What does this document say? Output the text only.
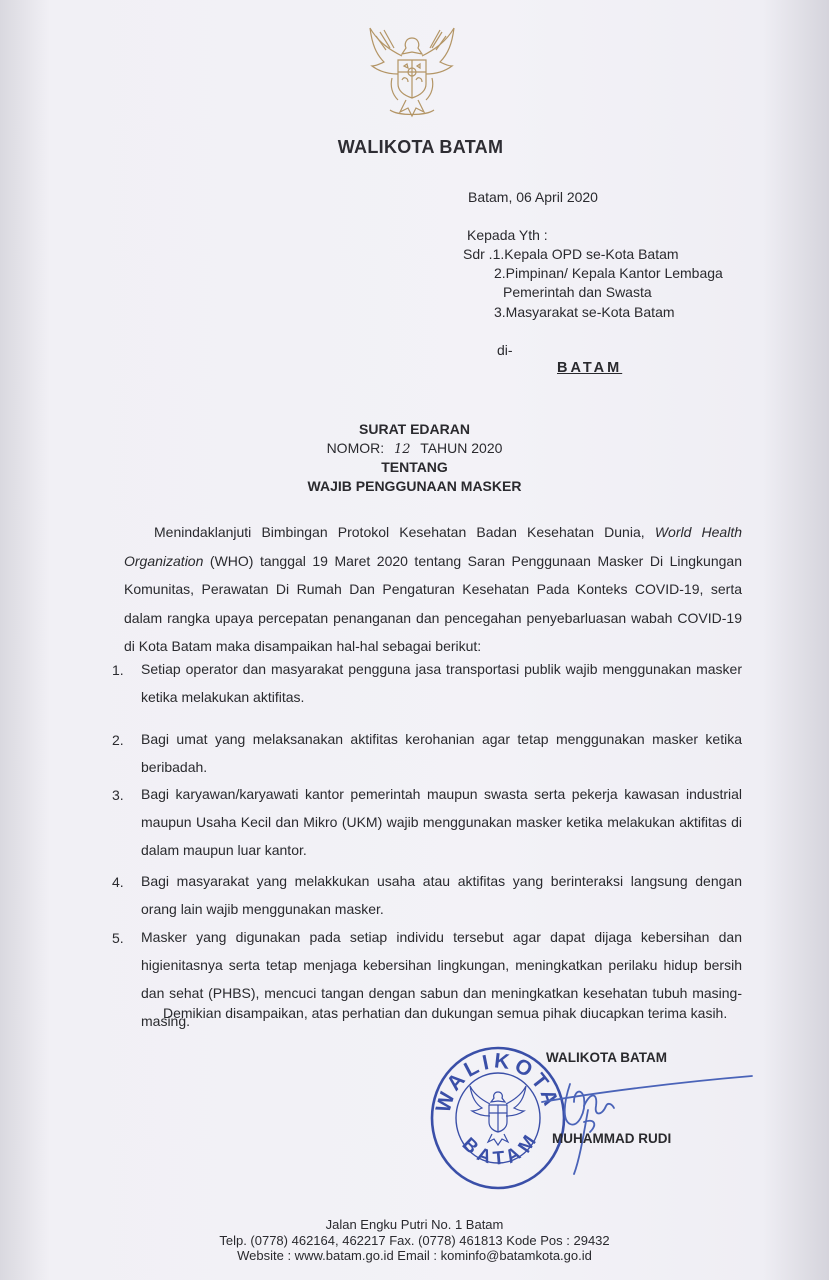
WALIKOTA BATAM
Batam, 06 April 2020
Kepada Yth :
Sdr .1.Kepala OPD se-Kota Batam
2.Pimpinan/ Kepala Kantor Lembaga
Pemerintah dan Swasta
3.Masyarakat se-Kota Batam
di-
BATAM
SURAT EDARAN
NOMOR: 12 TAHUN 2020
TENTANG
WAJIB PENGGUNAAN MASKER
Menindaklanjuti Bimbingan Protokol Kesehatan Badan Kesehatan Dunia, World Health Organization (WHO) tanggal 19 Maret 2020 tentang Saran Penggunaan Masker Di Lingkungan Komunitas, Perawatan Di Rumah Dan Pengaturan Kesehatan Pada Konteks COVID-19, serta dalam rangka upaya percepatan penanganan dan pencegahan penyebarluasan wabah COVID-19 di Kota Batam maka disampaikan hal-hal sebagai berikut:
1. Setiap operator dan masyarakat pengguna jasa transportasi publik wajib menggunakan masker ketika melakukan aktifitas.
2. Bagi umat yang melaksanakan aktifitas kerohanian agar tetap menggunakan masker ketika beribadah.
3. Bagi karyawan/karyawati kantor pemerintah maupun swasta serta pekerja kawasan industrial maupun Usaha Kecil dan Mikro (UKM) wajib menggunakan masker ketika melakukan aktifitas di dalam maupun luar kantor.
4. Bagi masyarakat yang melakkukan usaha atau aktifitas yang berinteraksi langsung dengan orang lain wajib menggunakan masker.
5. Masker yang digunakan pada setiap individu tersebut agar dapat dijaga kebersihan dan higienitasnya serta tetap menjaga kebersihan lingkungan, meningkatkan perilaku hidup bersih dan sehat (PHBS), mencuci tangan dengan sabun dan meningkatkan kesehatan tubuh masing-masing.
Demikian disampaikan, atas perhatian dan dukungan semua pihak diucapkan terima kasih.
WALIKOTA
BATAM
WALIKOTA BATAM
MUHAMMAD RUDI
Jalan Engku Putri No. 1 Batam
Telp. (0778) 462164, 462217 Fax. (0778) 461813 Kode Pos : 29432
Website : www.batam.go.id Email : kominfo@batamkota.go.id
